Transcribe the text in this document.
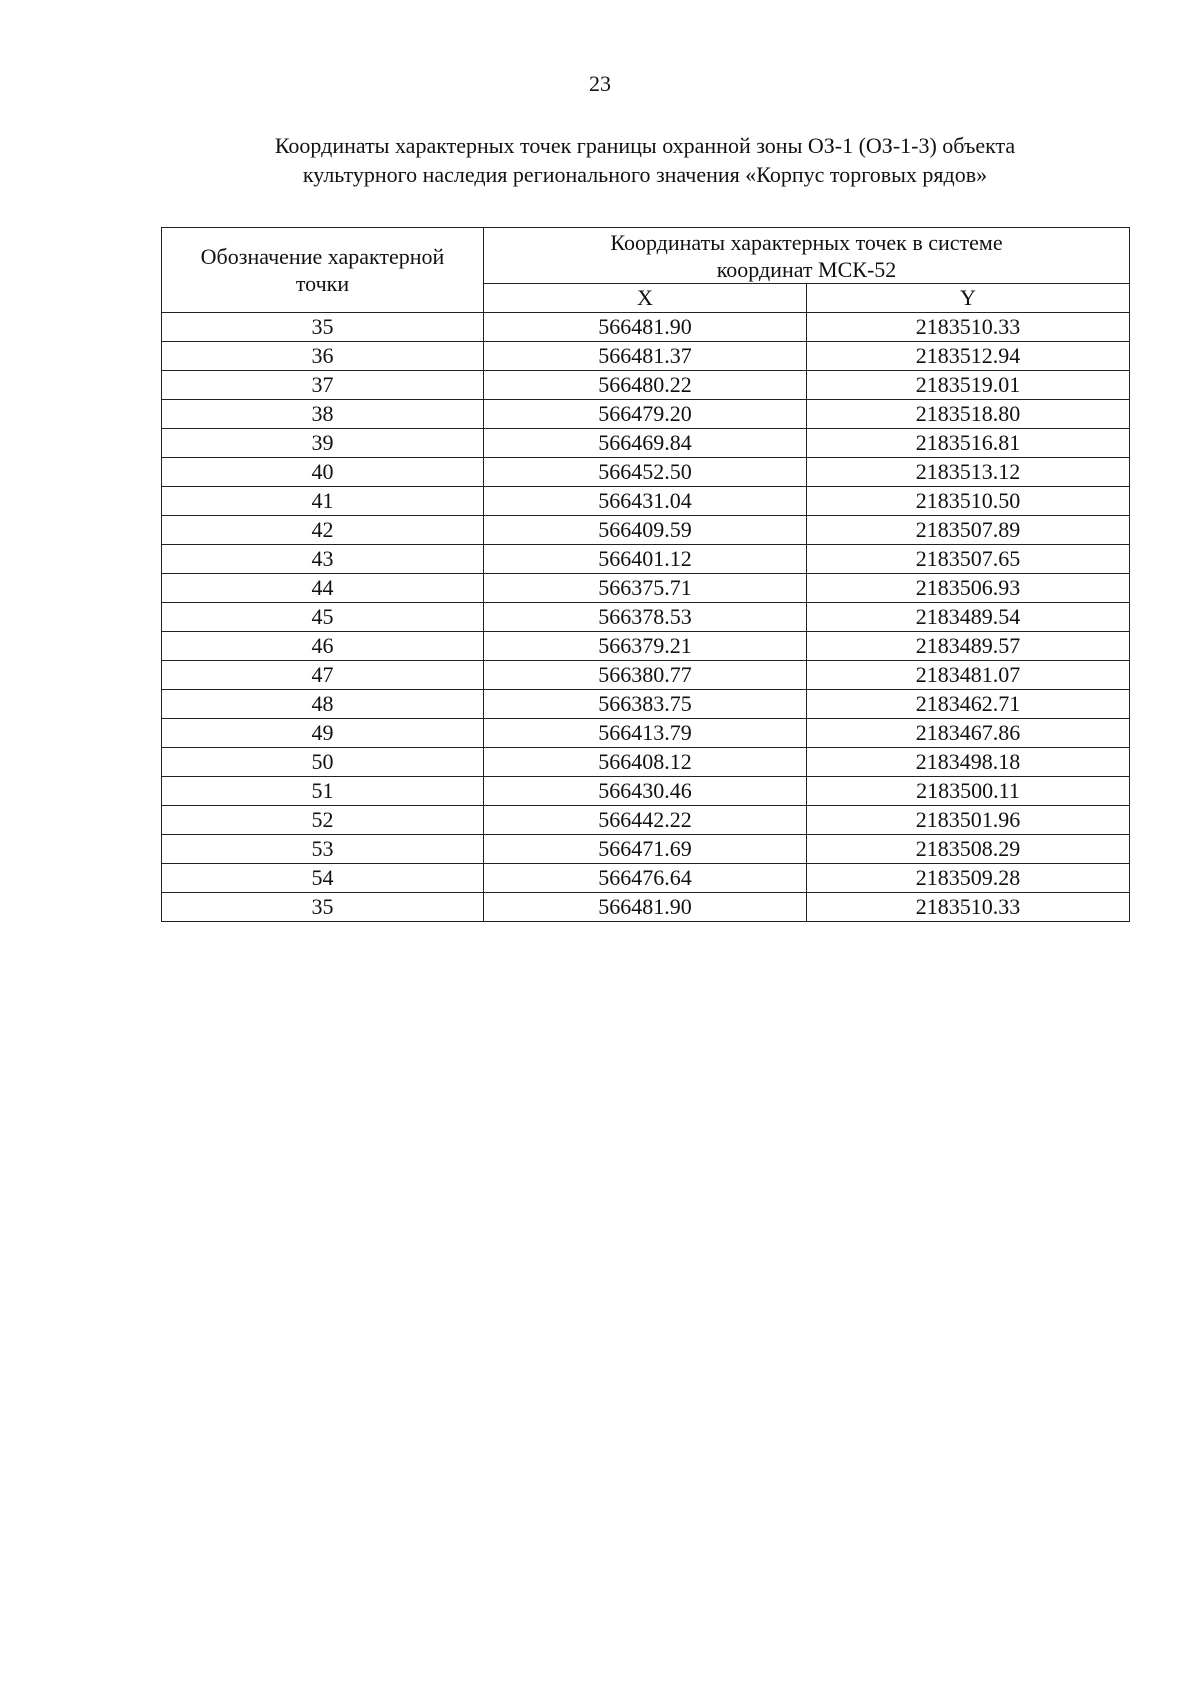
23
Координаты характерных точек границы охранной зоны ОЗ-1 (ОЗ-1-3) объекта
культурного наследия регионального значения «Корпус торговых рядов»
Обозначение характерной
точки	Координаты характерных точек в системе
координат МСК-52	
	X	Y
35	566481.90	2183510.33
36	566481.37	2183512.94
37	566480.22	2183519.01
38	566479.20	2183518.80
39	566469.84	2183516.81
40	566452.50	2183513.12
41	566431.04	2183510.50
42	566409.59	2183507.89
43	566401.12	2183507.65
44	566375.71	2183506.93
45	566378.53	2183489.54
46	566379.21	2183489.57
47	566380.77	2183481.07
48	566383.75	2183462.71
49	566413.79	2183467.86
50	566408.12	2183498.18
51	566430.46	2183500.11
52	566442.22	2183501.96
53	566471.69	2183508.29
54	566476.64	2183509.28
35	566481.90	2183510.33
